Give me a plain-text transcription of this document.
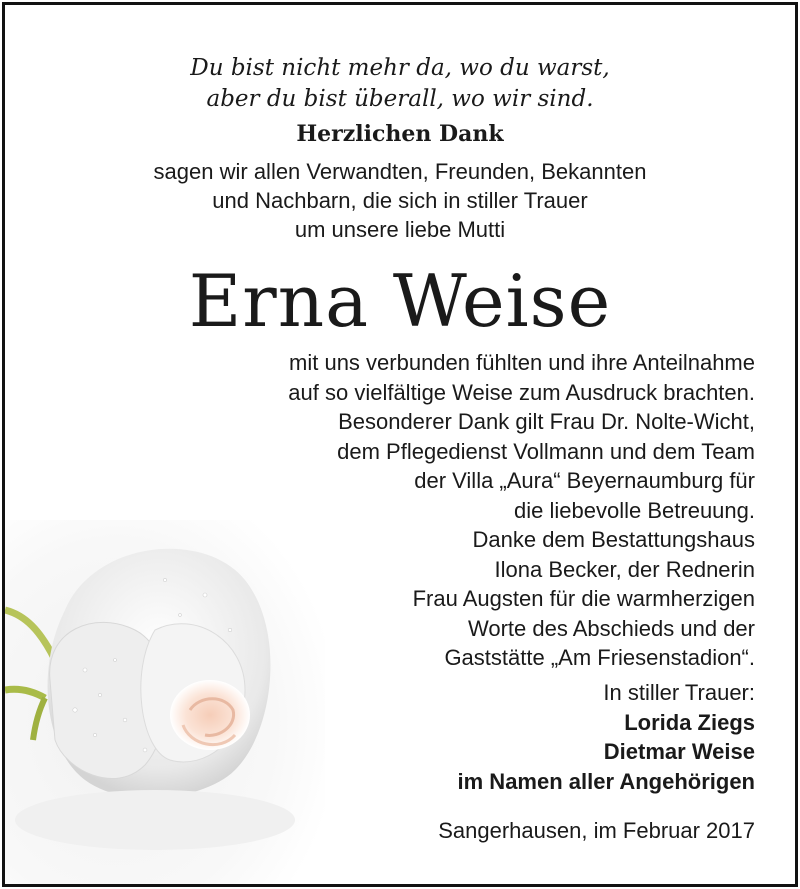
Du bist nicht mehr da, wo du warst,
aber du bist überall, wo wir sind.
Herzlichen Dank
sagen wir allen Verwandten, Freunden, Bekannten
und Nachbarn, die sich in stiller Trauer
um unsere liebe Mutti
Erna Weise
mit uns verbunden fühlten und ihre Anteilnahme
auf so vielfältige Weise zum Ausdruck brachten.
Besonderer Dank gilt Frau Dr. Nolte-Wicht,
dem Pflegedienst Vollmann und dem Team
der Villa „Aura“ Beyernaumburg für
die liebevolle Betreuung.
Danke dem Bestattungshaus
Ilona Becker, der Rednerin
Frau Augsten für die warmherzigen
Worte des Abschieds und der
Gaststätte „Am Friesenstadion“.
In stiller Trauer:
Lorida Ziegs
Dietmar Weise
im Namen aller Angehörigen
Sangerhausen, im Februar 2017
